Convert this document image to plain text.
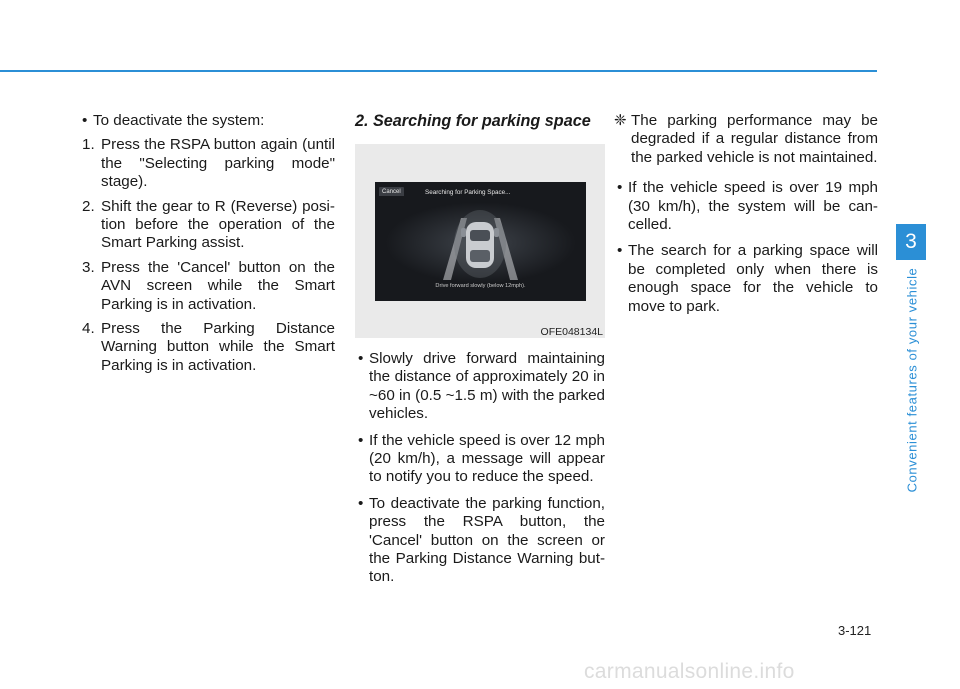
• To deactivate the system:
1. Press the RSPA button again (until the "Selecting parking mode" stage).
2. Shift the gear to R (Reverse) posi-tion before the operation of the Smart Parking assist.
3. Press the 'Cancel' button on the AVN screen while the Smart Parking is in activation.
4. Press the Parking Distance Warning button while the Smart Parking is in activation.
2. Searching for parking space
Cancel	Searching for Parking Space...
Drive forward slowly (below 12mph).
OFE048134L
• Slowly drive forward maintaining the distance of approximately 20 in ~60 in (0.5 ~1.5 m) with the parked vehicles.
• If the vehicle speed is over 12 mph (20 km/h), a message will appear to notify you to reduce the speed.
• To deactivate the parking function, press the RSPA button, the 'Cancel' button on the screen or the Parking Distance Warning but-ton.
❈ The parking performance may be degraded if a regular distance from the parked vehicle is not maintained.
• If the vehicle speed is over 19 mph (30 km/h), the system will be can-celled.
• The search for a parking space will be completed only when there is enough space for the vehicle to move to park.
3
Convenient features of your vehicle
3-121
carmanualsonline.info
